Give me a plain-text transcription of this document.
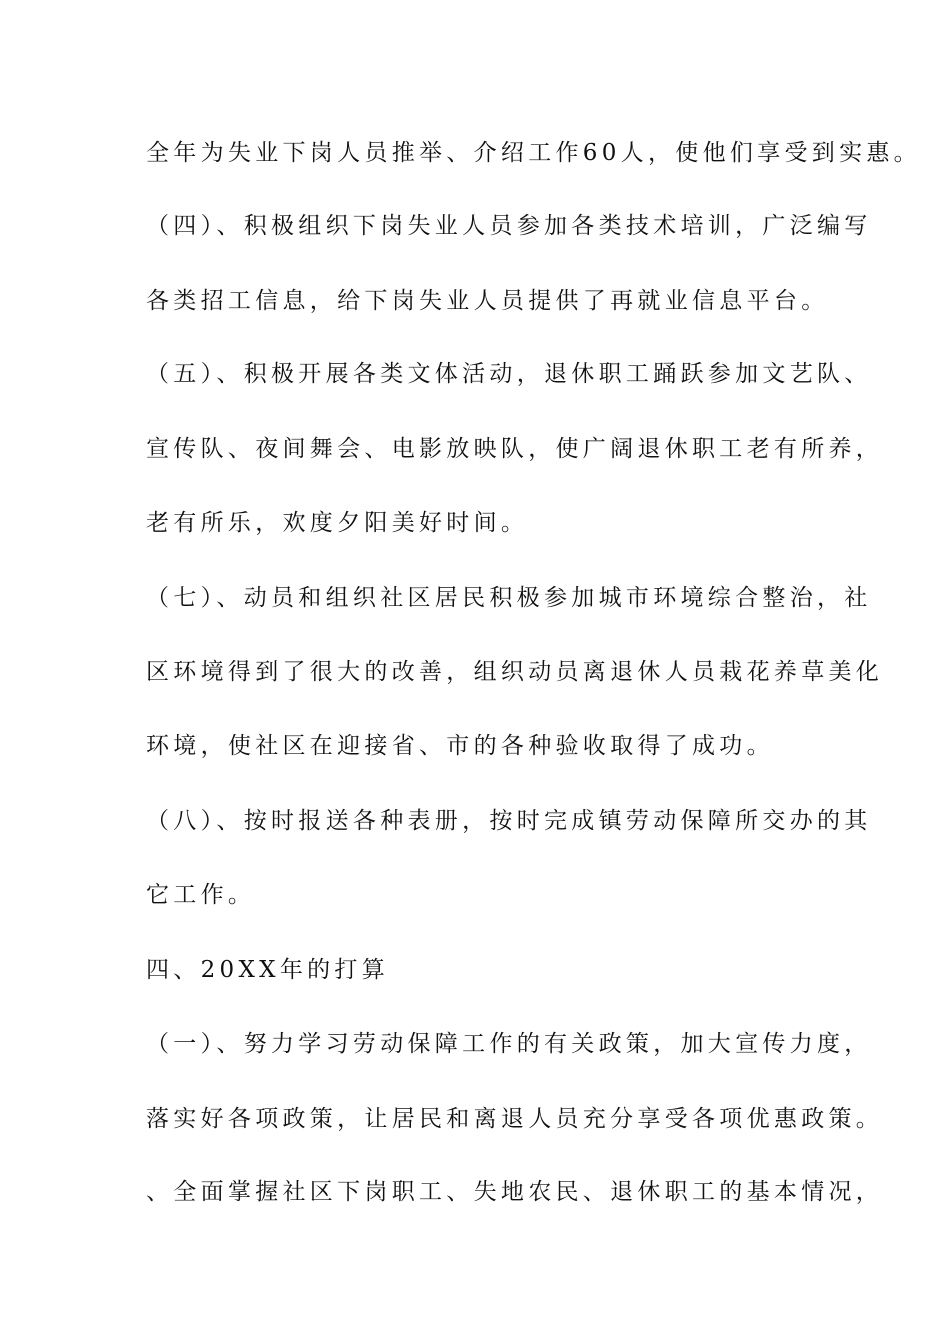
全年为失业下岗人员推举、介绍工作60人，使他们享受到实惠。

（四）、积极组织下岗失业人员参加各类技术培训，广泛编写

各类招工信息，给下岗失业人员提供了再就业信息平台。

（五）、积极开展各类文体活动，退休职工踊跃参加文艺队、

宣传队、夜间舞会、电影放映队，使广阔退休职工老有所养，

老有所乐，欢度夕阳美好时间。

（七）、动员和组织社区居民积极参加城市环境综合整治，社

区环境得到了很大的改善，组织动员离退休人员栽花养草美化

环境，使社区在迎接省、市的各种验收取得了成功。

（八）、按时报送各种表册，按时完成镇劳动保障所交办的其

它工作。

四、20XX年的打算

（一）、努力学习劳动保障工作的有关政策，加大宣传力度，

落实好各项政策，让居民和离退人员充分享受各项优惠政策。

、全面掌握社区下岗职工、失地农民、退休职工的基本情况，
